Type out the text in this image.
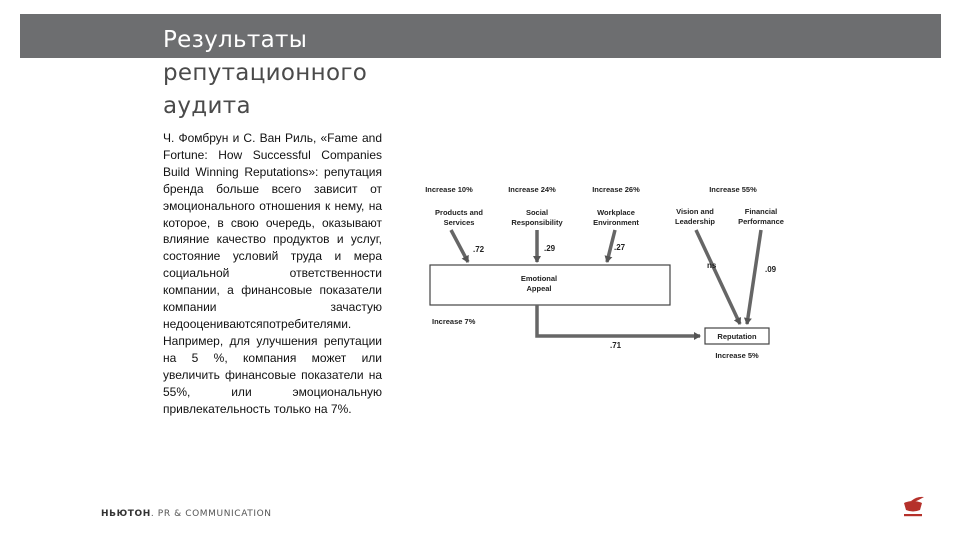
Результаты
репутационного
аудита

Ч. Фомбрун и С. Ван Риль, «Fame and Fortune: How Successful Companies Build Winning Reputations»: репутация бренда больше всего зависит от эмоционального отношения к нему, на которое, в свою очередь, оказывают влияние качество продуктов и услуг, состояние условий труда и мера социальной ответственности компании, а финансовые показатели компании зачастую недооцениваютсяпотребителями. Например, для улучшения репутации на 5 %, компания может или увеличить финансовые показатели на 55%, или эмоциональную привлекательность только на 7%.

Increase 10%	Increase 24%	Increase 26%	Increase 55%
Products and
Services
Social
Responsibility
Workplace
Environment
Vision and
Leadership
Financial
Performance
.72	.29	.27
ns	.09
Emotional
Appeal
Increase 7%
.71
Reputation
Increase 5%
НЬЮТОН. PR & COMMUNICATION
